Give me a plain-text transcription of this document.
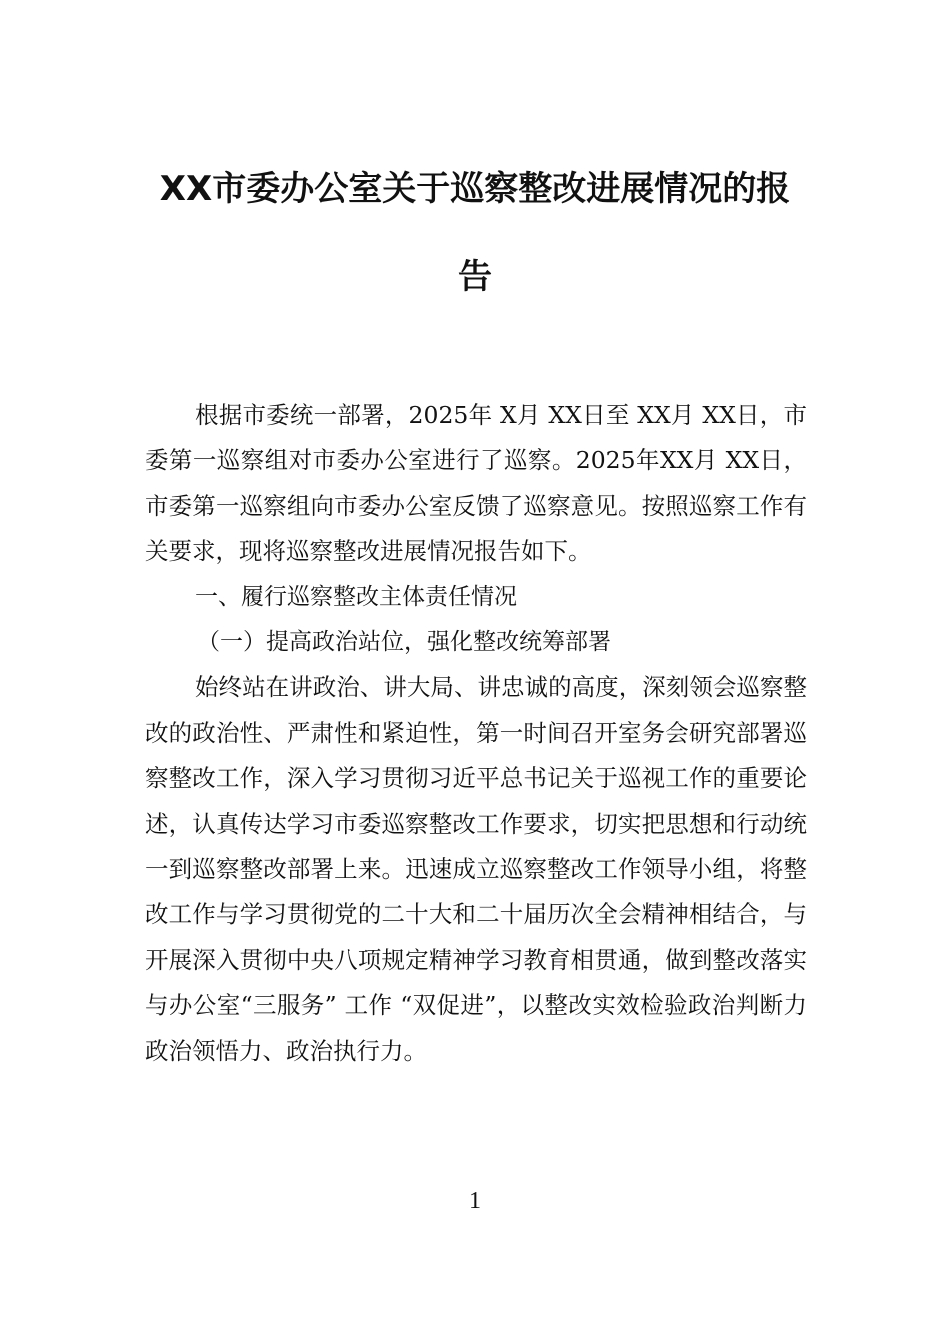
XX市委办公室关于巡察整改进展情况的报
告

根据市委统一部署，2025年 X月 XX日至 XX月 XX日，市委第一巡察组对市委办公室进行了巡察。2025年XX月 XX日，市委第一巡察组向市委办公室反馈了巡察意见。按照巡察工作有关要求，现将巡察整改进展情况报告如下。

一、履行巡察整改主体责任情况

（一）提高政治站位，强化整改统筹部署

始终站在讲政治、讲大局、讲忠诚的高度，深刻领会巡察整改的政治性、严肃性和紧迫性，第一时间召开室务会研究部署巡察整改工作，深入学习贯彻习近平总书记关于巡视工作的重要论述，认真传达学习市委巡察整改工作要求，切实把思想和行动统一到巡察整改部署上来。迅速成立巡察整改工作领导小组，将整改工作与学习贯彻党的二十大和二十届历次全会精神相结合，与开展深入贯彻中央八项规定精神学习教育相贯通，做到整改落实与办公室“三服务” 工作 “双促进”，以整改实效检验政治判断力政治领悟力、政治执行力。

1
